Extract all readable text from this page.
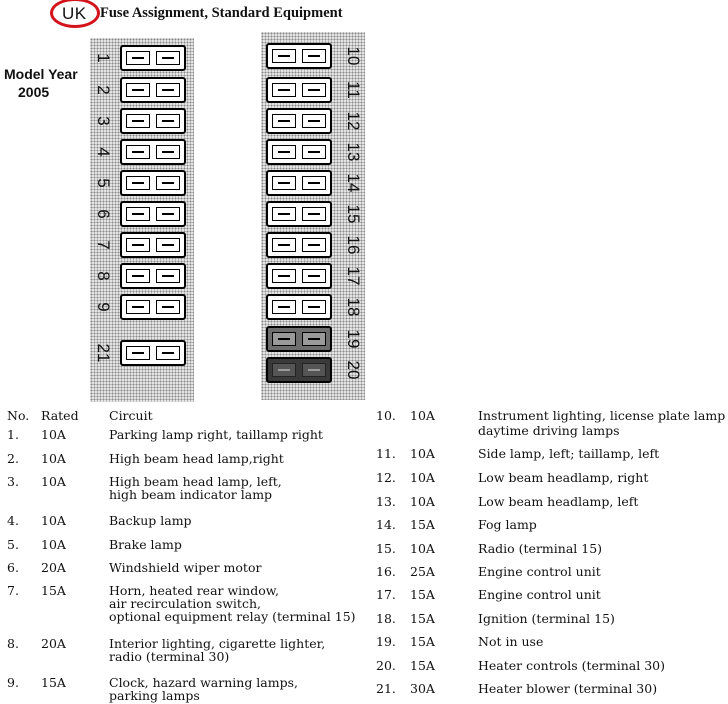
UK Fuse Assignment, Standard Equipment
Model Year
2005
1
2
3
4
5
6
7
8
9
21
10
11
12
13
14
15
16
17
18
19
20
No. Rated Circuit
1. 10A	Parking lamp right, taillamp right
2. 10A	High beam head lamp,right
3. 10A	High beam head lamp, left,
high beam indicator lamp
4. 10A	Backup lamp
5. 10A	Brake lamp
6. 20A	Windshield wiper motor
7. 15A	Horn, heated rear window,
air recirculation switch,
optional equipment relay (terminal 15)
8. 20A	Interior lighting, cigarette lighter,
radio (terminal 30)
9. 15A	Clock, hazard warning lamps,
parking lamps
10. 10A	Instrument lighting, license plate lamp
daytime driving lamps
11. 10A	Side lamp, left; taillamp, left
12. 10A	Low beam headlamp, right
13. 10A	Low beam headlamp, left
14. 15A	Fog lamp
15. 10A	Radio (terminal 15)
16. 25A	Engine control unit
17. 15A	Engine control unit
18. 15A	Ignition (terminal 15)
19. 15A	Not in use
20. 15A	Heater controls (terminal 30)
21. 30A	Heater blower (terminal 30)
